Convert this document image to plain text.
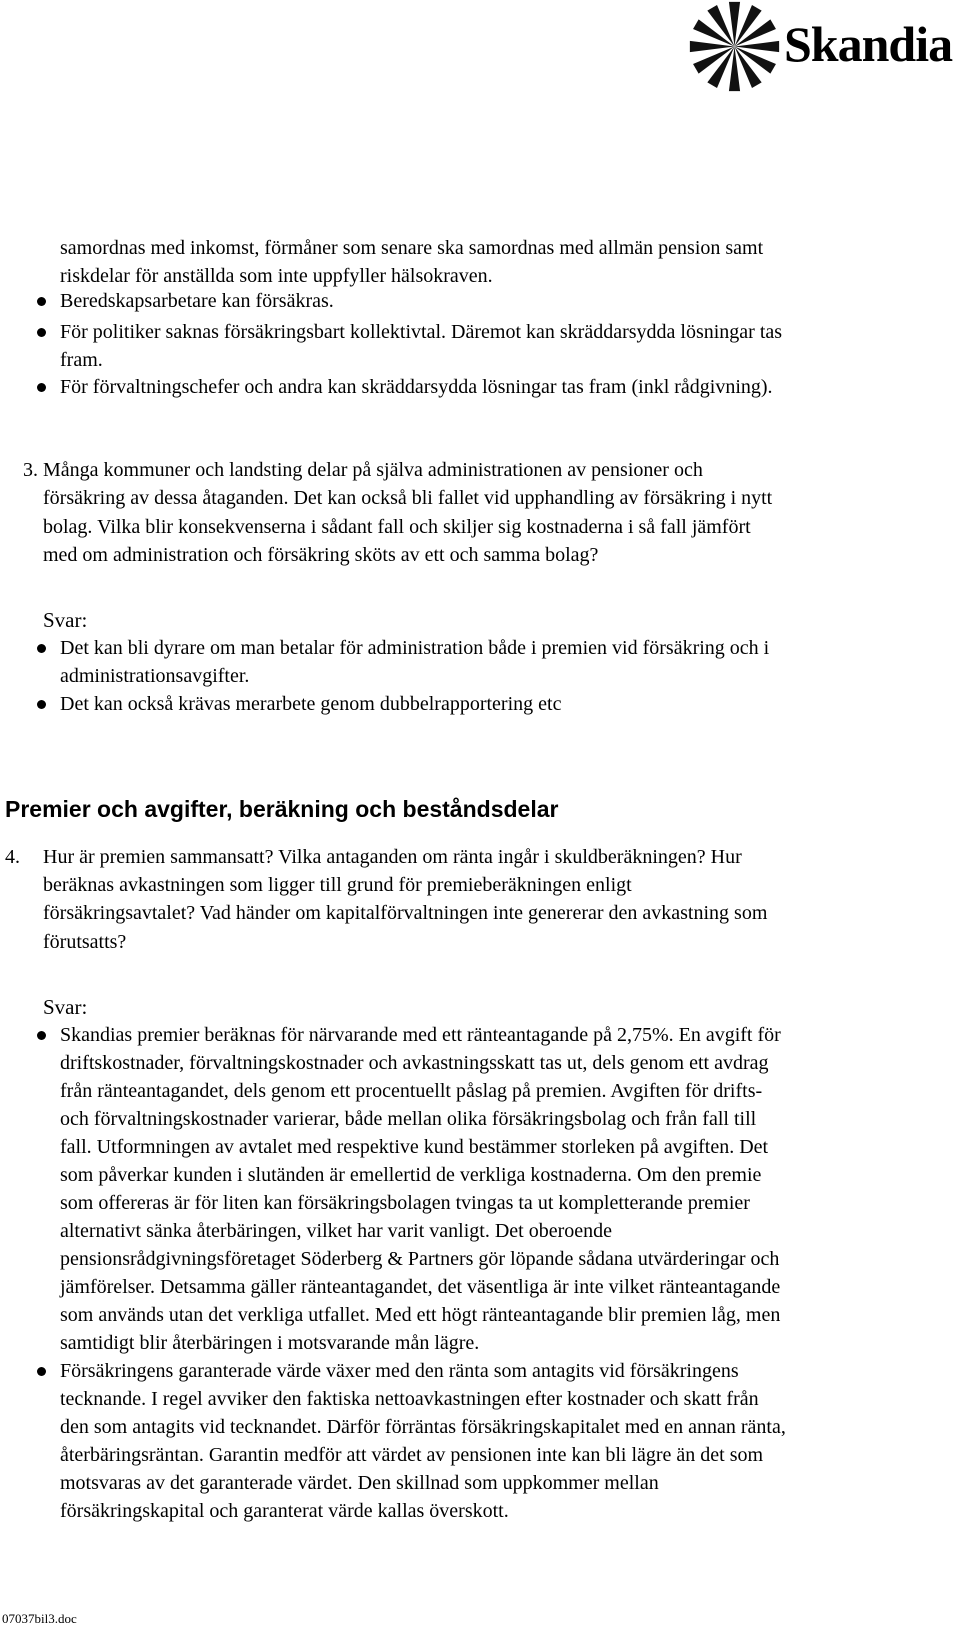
Skandia
samordnas med inkomst, förmåner som senare ska samordnas med allmän pension samt
riskdelar för anställda som inte uppfyller hälsokraven.
Beredskapsarbetare kan försäkras.
För politiker saknas försäkringsbart kollektivtal. Däremot kan skräddarsydda lösningar tas
fram.
För förvaltningschefer och andra kan skräddarsydda lösningar tas fram (inkl rådgivning).
3. Många kommuner och landsting delar på själva administrationen av pensioner och
försäkring av dessa åtaganden. Det kan också bli fallet vid upphandling av försäkring i nytt
bolag. Vilka blir konsekvenserna i sådant fall och skiljer sig kostnaderna i så fall jämfört
med om administration och försäkring sköts av ett och samma bolag?
Svar:
Det kan bli dyrare om man betalar för administration både i premien vid försäkring och i
administrationsavgifter.
Det kan också krävas merarbete genom dubbelrapportering etc
Premier och avgifter, beräkning och beståndsdelar
4. Hur är premien sammansatt? Vilka antaganden om ränta ingår i skuldberäkningen? Hur
beräknas avkastningen som ligger till grund för premieberäkningen enligt
försäkringsavtalet? Vad händer om kapitalförvaltningen inte genererar den avkastning som
förutsatts?
Svar:
Skandias premier beräknas för närvarande med ett ränteantagande på 2,75%. En avgift för
driftskostnader, förvaltningskostnader och avkastningsskatt tas ut, dels genom ett avdrag
från ränteantagandet, dels genom ett procentuellt påslag på premien. Avgiften för drifts-
och förvaltningskostnader varierar, både mellan olika försäkringsbolag och från fall till
fall. Utformningen av avtalet med respektive kund bestämmer storleken på avgiften. Det
som påverkar kunden i slutänden är emellertid de verkliga kostnaderna. Om den premie
som offereras är för liten kan försäkringsbolagen tvingas ta ut kompletterande premier
alternativt sänka återbäringen, vilket har varit vanligt. Det oberoende
pensionsrådgivningsföretaget Söderberg & Partners gör löpande sådana utvärderingar och
jämförelser. Detsamma gäller ränteantagandet, det väsentliga är inte vilket ränteantagande
som används utan det verkliga utfallet. Med ett högt ränteantagande blir premien låg, men
samtidigt blir återbäringen i motsvarande mån lägre.
Försäkringens garanterade värde växer med den ränta som antagits vid försäkringens
tecknande. I regel avviker den faktiska nettoavkastningen efter kostnader och skatt från
den som antagits vid tecknandet. Därför förräntas försäkringskapitalet med en annan ränta,
återbäringsräntan. Garantin medför att värdet av pensionen inte kan bli lägre än det som
motsvaras av det garanterade värdet. Den skillnad som uppkommer mellan
försäkringskapital och garanterat värde kallas överskott.
07037bil3.doc
